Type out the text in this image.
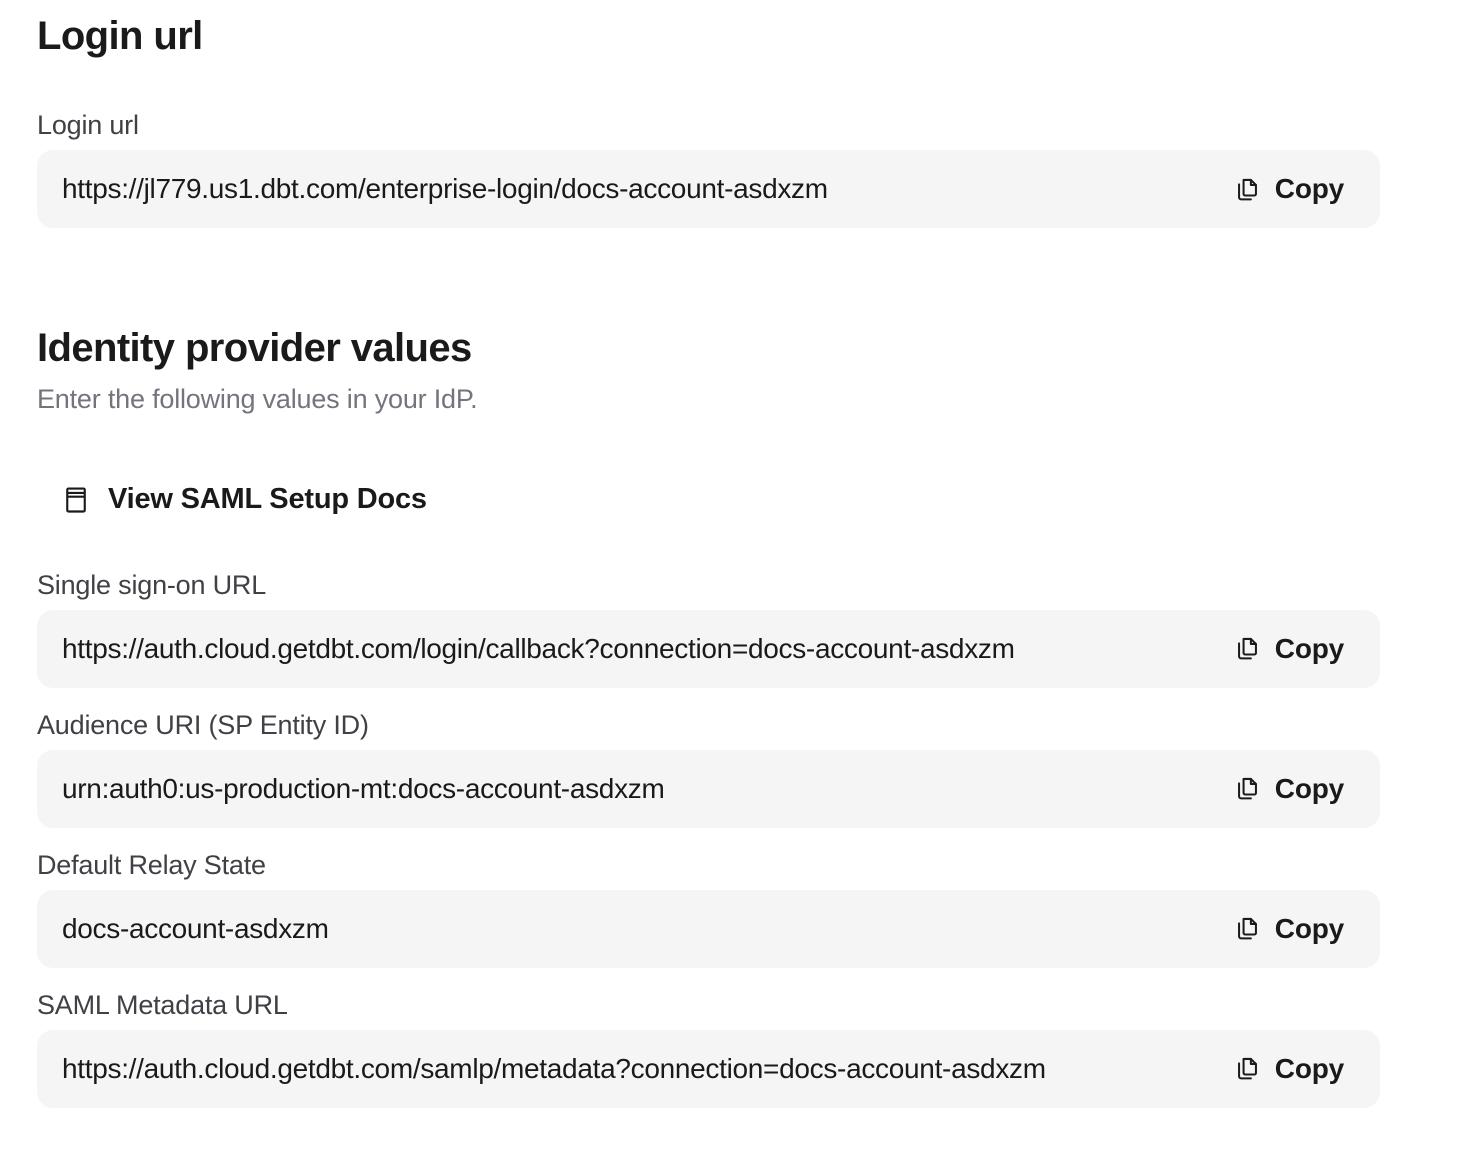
Login url
Login url
https://jl779.us1.dbt.com/enterprise-login/docs-account-asdxzm	Copy
Identity provider values

Enter the following values in your IdP.

View SAML Setup Docs
Single sign-on URL
https://auth.cloud.getdbt.com/login/callback?connection=docs-account-asdxzm	Copy
Audience URI (SP Entity ID)
urn:auth0:us-production-mt:docs-account-asdxzm	Copy
Default Relay State
docs-account-asdxzm	Copy
SAML Metadata URL
https://auth.cloud.getdbt.com/samlp/metadata?connection=docs-account-asdxzm	Copy
